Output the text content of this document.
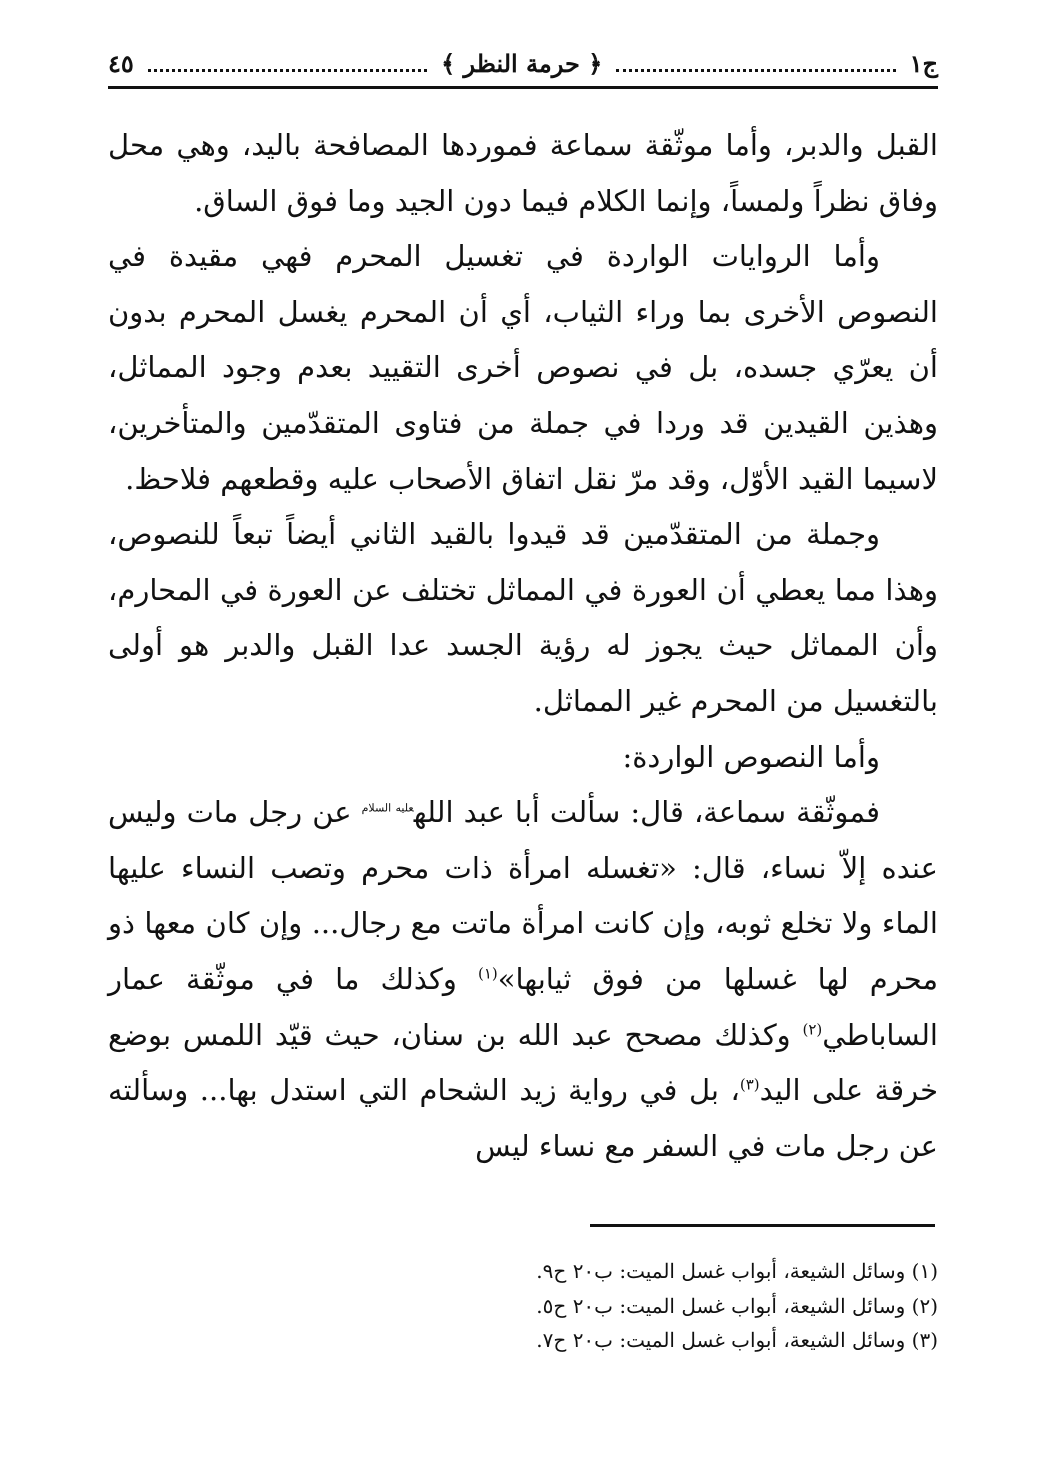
ج١
﴿ حرمة النظر ﴾
٤٥

القبل والدبر، وأما موثّقة سماعة فموردها المصافحة باليد، وهي محل وفاق نظراً ولمساً، وإنما الكلام فيما دون الجيد وما فوق الساق.

وأما الروايات الواردة في تغسيل المحرم فهي مقيدة في النصوص الأخرى بما وراء الثياب، أي أن المحرم يغسل المحرم بدون أن يعرّي جسده، بل في نصوص أخرى التقييد بعدم وجود المماثل، وهذين القيدين قد وردا في جملة من فتاوى المتقدّمين والمتأخرين، لاسيما القيد الأوّل، وقد مرّ نقل اتفاق الأصحاب عليه وقطعهم فلاحظ.

وجملة من المتقدّمين قد قيدوا بالقيد الثاني أيضاً تبعاً للنصوص، وهذا مما يعطي أن العورة في المماثل تختلف عن العورة في المحارم، وأن المماثل حيث يجوز له رؤية الجسد عدا القبل والدبر هو أولى بالتغسيل من المحرم غير المماثل.

وأما النصوص الواردة:

فموثّقة سماعة، قال: سألت أبا عبد الله$^{عليه السلام}$ عن رجل مات وليس عنده إلاّ نساء، قال: «تغسله امرأة ذات محرم وتصب النساء عليها الماء ولا تخلع ثوبه، وإن كانت امرأة ماتت مع رجال... وإن كان معها ذو محرم لها غسلها من فوق ثيابها»$^{(١)}$ وكذلك ما في موثّقة عمار الساباطي$^{(٢)}$ وكذلك مصحح عبد الله بن سنان، حيث قيّد اللمس بوضع خرقة على اليد$^{(٣)}$، بل في رواية زيد الشحام التي استدل بها... وسألته عن رجل مات في السفر مع نساء ليس

(١) وسائل الشيعة، أبواب غسل الميت: ب٢٠ ح٩.
(٢) وسائل الشيعة، أبواب غسل الميت: ب٢٠ ح٥.
(٣) وسائل الشيعة، أبواب غسل الميت: ب٢٠ ح٧.
